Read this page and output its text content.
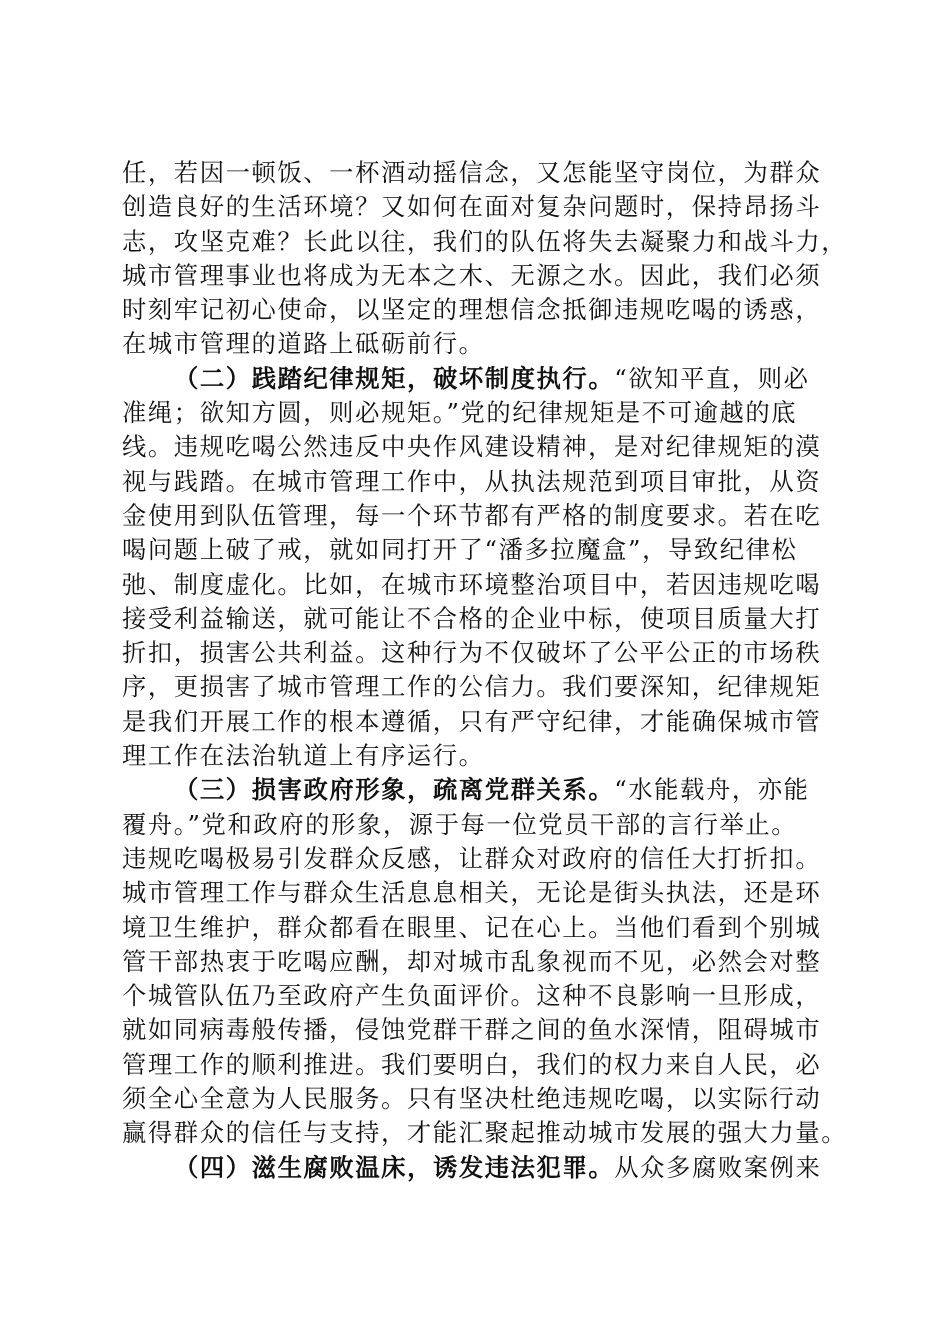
任，若因一顿饭、一杯酒动摇信念，又怎能坚守岗位，为群众
创造良好的生活环境？又如何在面对复杂问题时，保持昂扬斗
志，攻坚克难？长此以往，我们的队伍将失去凝聚力和战斗力，
城市管理事业也将成为无本之木、无源之水。因此，我们必须
时刻牢记初心使命，以坚定的理想信念抵御违规吃喝的诱惑，
在城市管理的道路上砥砺前行。
（二）践踏纪律规矩，破坏制度执行。“欲知平直，则必
准绳；欲知方圆，则必规矩。”党的纪律规矩是不可逾越的底
线。违规吃喝公然违反中央作风建设精神，是对纪律规矩的漠
视与践踏。在城市管理工作中，从执法规范到项目审批，从资
金使用到队伍管理，每一个环节都有严格的制度要求。若在吃
喝问题上破了戒，就如同打开了“潘多拉魔盒”，导致纪律松
弛、制度虚化。比如，在城市环境整治项目中，若因违规吃喝
接受利益输送，就可能让不合格的企业中标，使项目质量大打
折扣，损害公共利益。这种行为不仅破坏了公平公正的市场秩
序，更损害了城市管理工作的公信力。我们要深知，纪律规矩
是我们开展工作的根本遵循，只有严守纪律，才能确保城市管
理工作在法治轨道上有序运行。
（三）损害政府形象，疏离党群关系。“水能载舟，亦能
覆舟。”党和政府的形象，源于每一位党员干部的言行举止。
违规吃喝极易引发群众反感，让群众对政府的信任大打折扣。
城市管理工作与群众生活息息相关，无论是街头执法，还是环
境卫生维护，群众都看在眼里、记在心上。当他们看到个别城
管干部热衷于吃喝应酬，却对城市乱象视而不见，必然会对整
个城管队伍乃至政府产生负面评价。这种不良影响一旦形成，
就如同病毒般传播，侵蚀党群干群之间的鱼水深情，阻碍城市
管理工作的顺利推进。我们要明白，我们的权力来自人民，必
须全心全意为人民服务。只有坚决杜绝违规吃喝，以实际行动
赢得群众的信任与支持，才能汇聚起推动城市发展的强大力量。
（四）滋生腐败温床，诱发违法犯罪。从众多腐败案例来
